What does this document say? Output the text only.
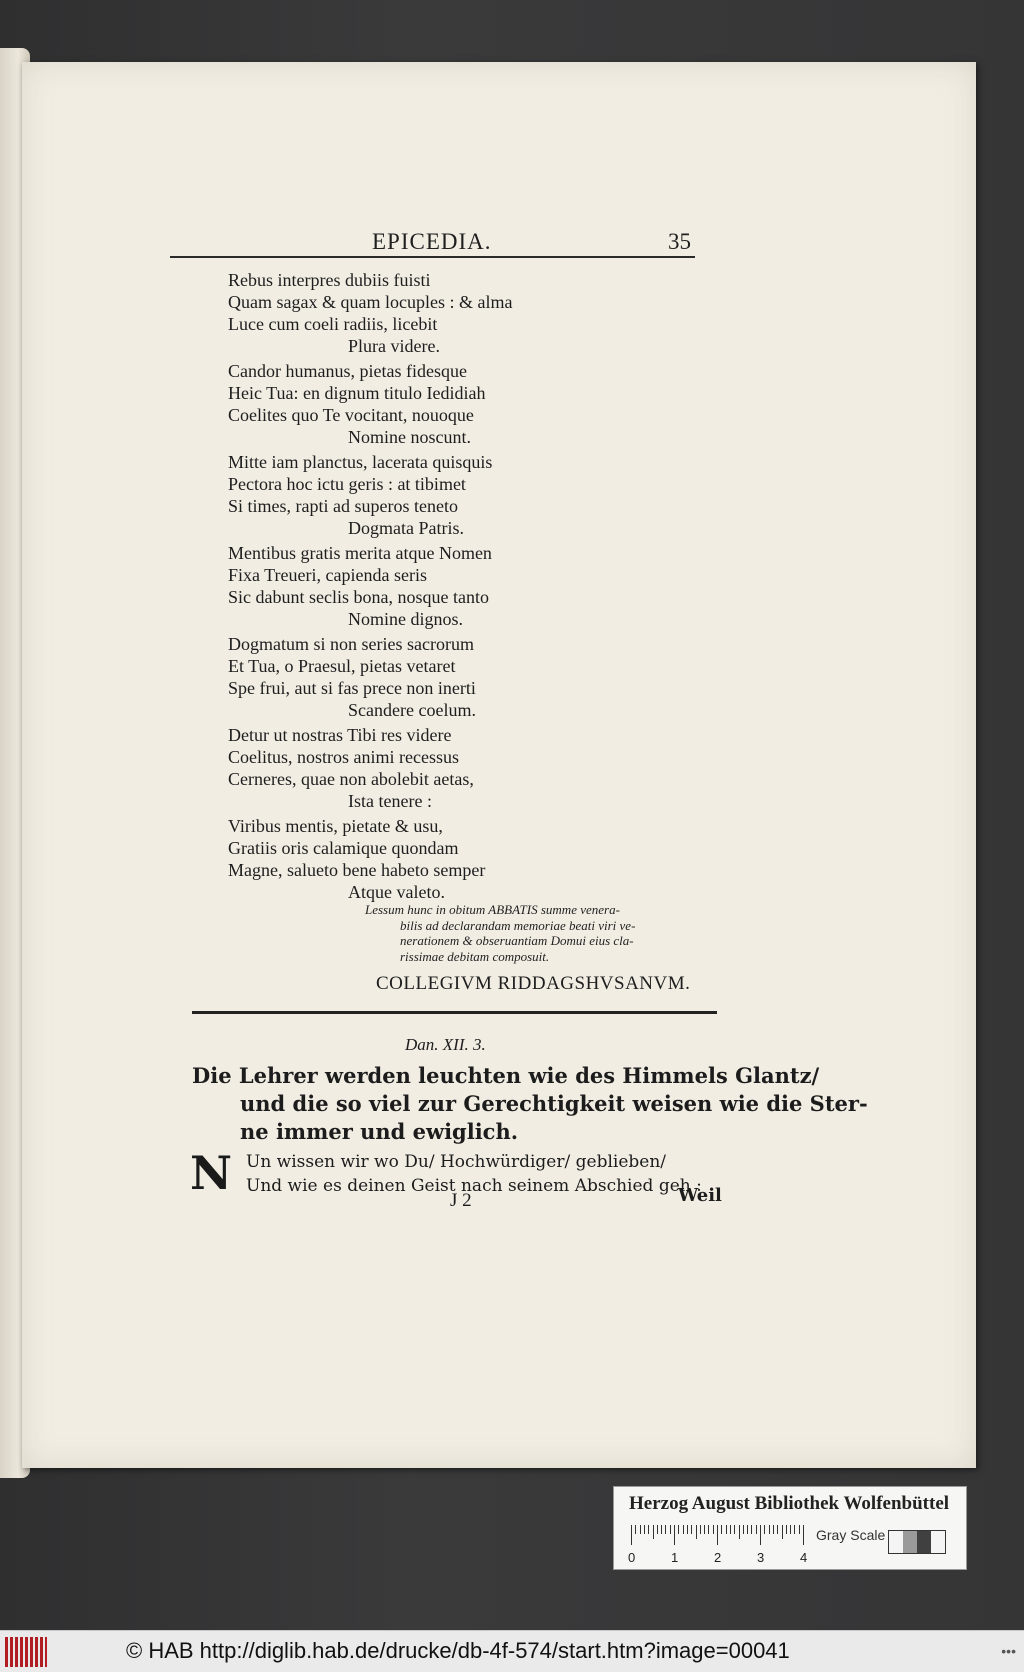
EPICEDIA.	35
Rebus interpres dubiis fuisti
Quam sagax & quam locuples : & alma
Luce cum coeli radiis, licebit
Plura videre.
Candor humanus, pietas fidesque
Heic Tua: en dignum titulo Iedidiah
Coelites quo Te vocitant, nouoque
Nomine noscunt.
Mitte iam planctus, lacerata quisquis
Pectora hoc ictu geris : at tibimet
Si times, rapti ad superos teneto
Dogmata Patris.
Mentibus gratis merita atque Nomen
Fixa Treueri, capienda seris
Sic dabunt seclis bona, nosque tanto
Nomine dignos.
Dogmatum si non series sacrorum
Et Tua, o Praesul, pietas vetaret
Spe frui, aut si fas prece non inerti
Scandere coelum.
Detur ut nostras Tibi res videre
Coelitus, nostros animi recessus
Cerneres, quae non abolebit aetas,
Ista tenere :
Viribus mentis, pietate & usu,
Gratiis oris calamique quondam
Magne, salueto bene habeto semper
Atque valeto.
Lessum hunc in obitum ABBATIS summe venera-
bilis ad declarandam memoriae beati viri ve-
nerationem & obseruantiam Domui eius cla-
rissimae debitam composuit.
COLLEGIVM RIDDAGSHVSANVM.
Dan. XII. 3.
Die Lehrer werden leuchten wie des Himmels Glantz/
und die so viel zur Gerechtigkeit weisen wie die Ster-
ne immer und ewiglich.
N Un wissen wir wo Du/ Hochwürdiger/ geblieben/
Und wie es deinen Geist nach seinem Abschied geh :
J 2	Weil
Herzog August Bibliothek Wolfenbüttel
0	1	2	3	4
Gray Scale
© HAB http://diglib.hab.de/drucke/db-4f-574/start.htm?image=00041	•••
